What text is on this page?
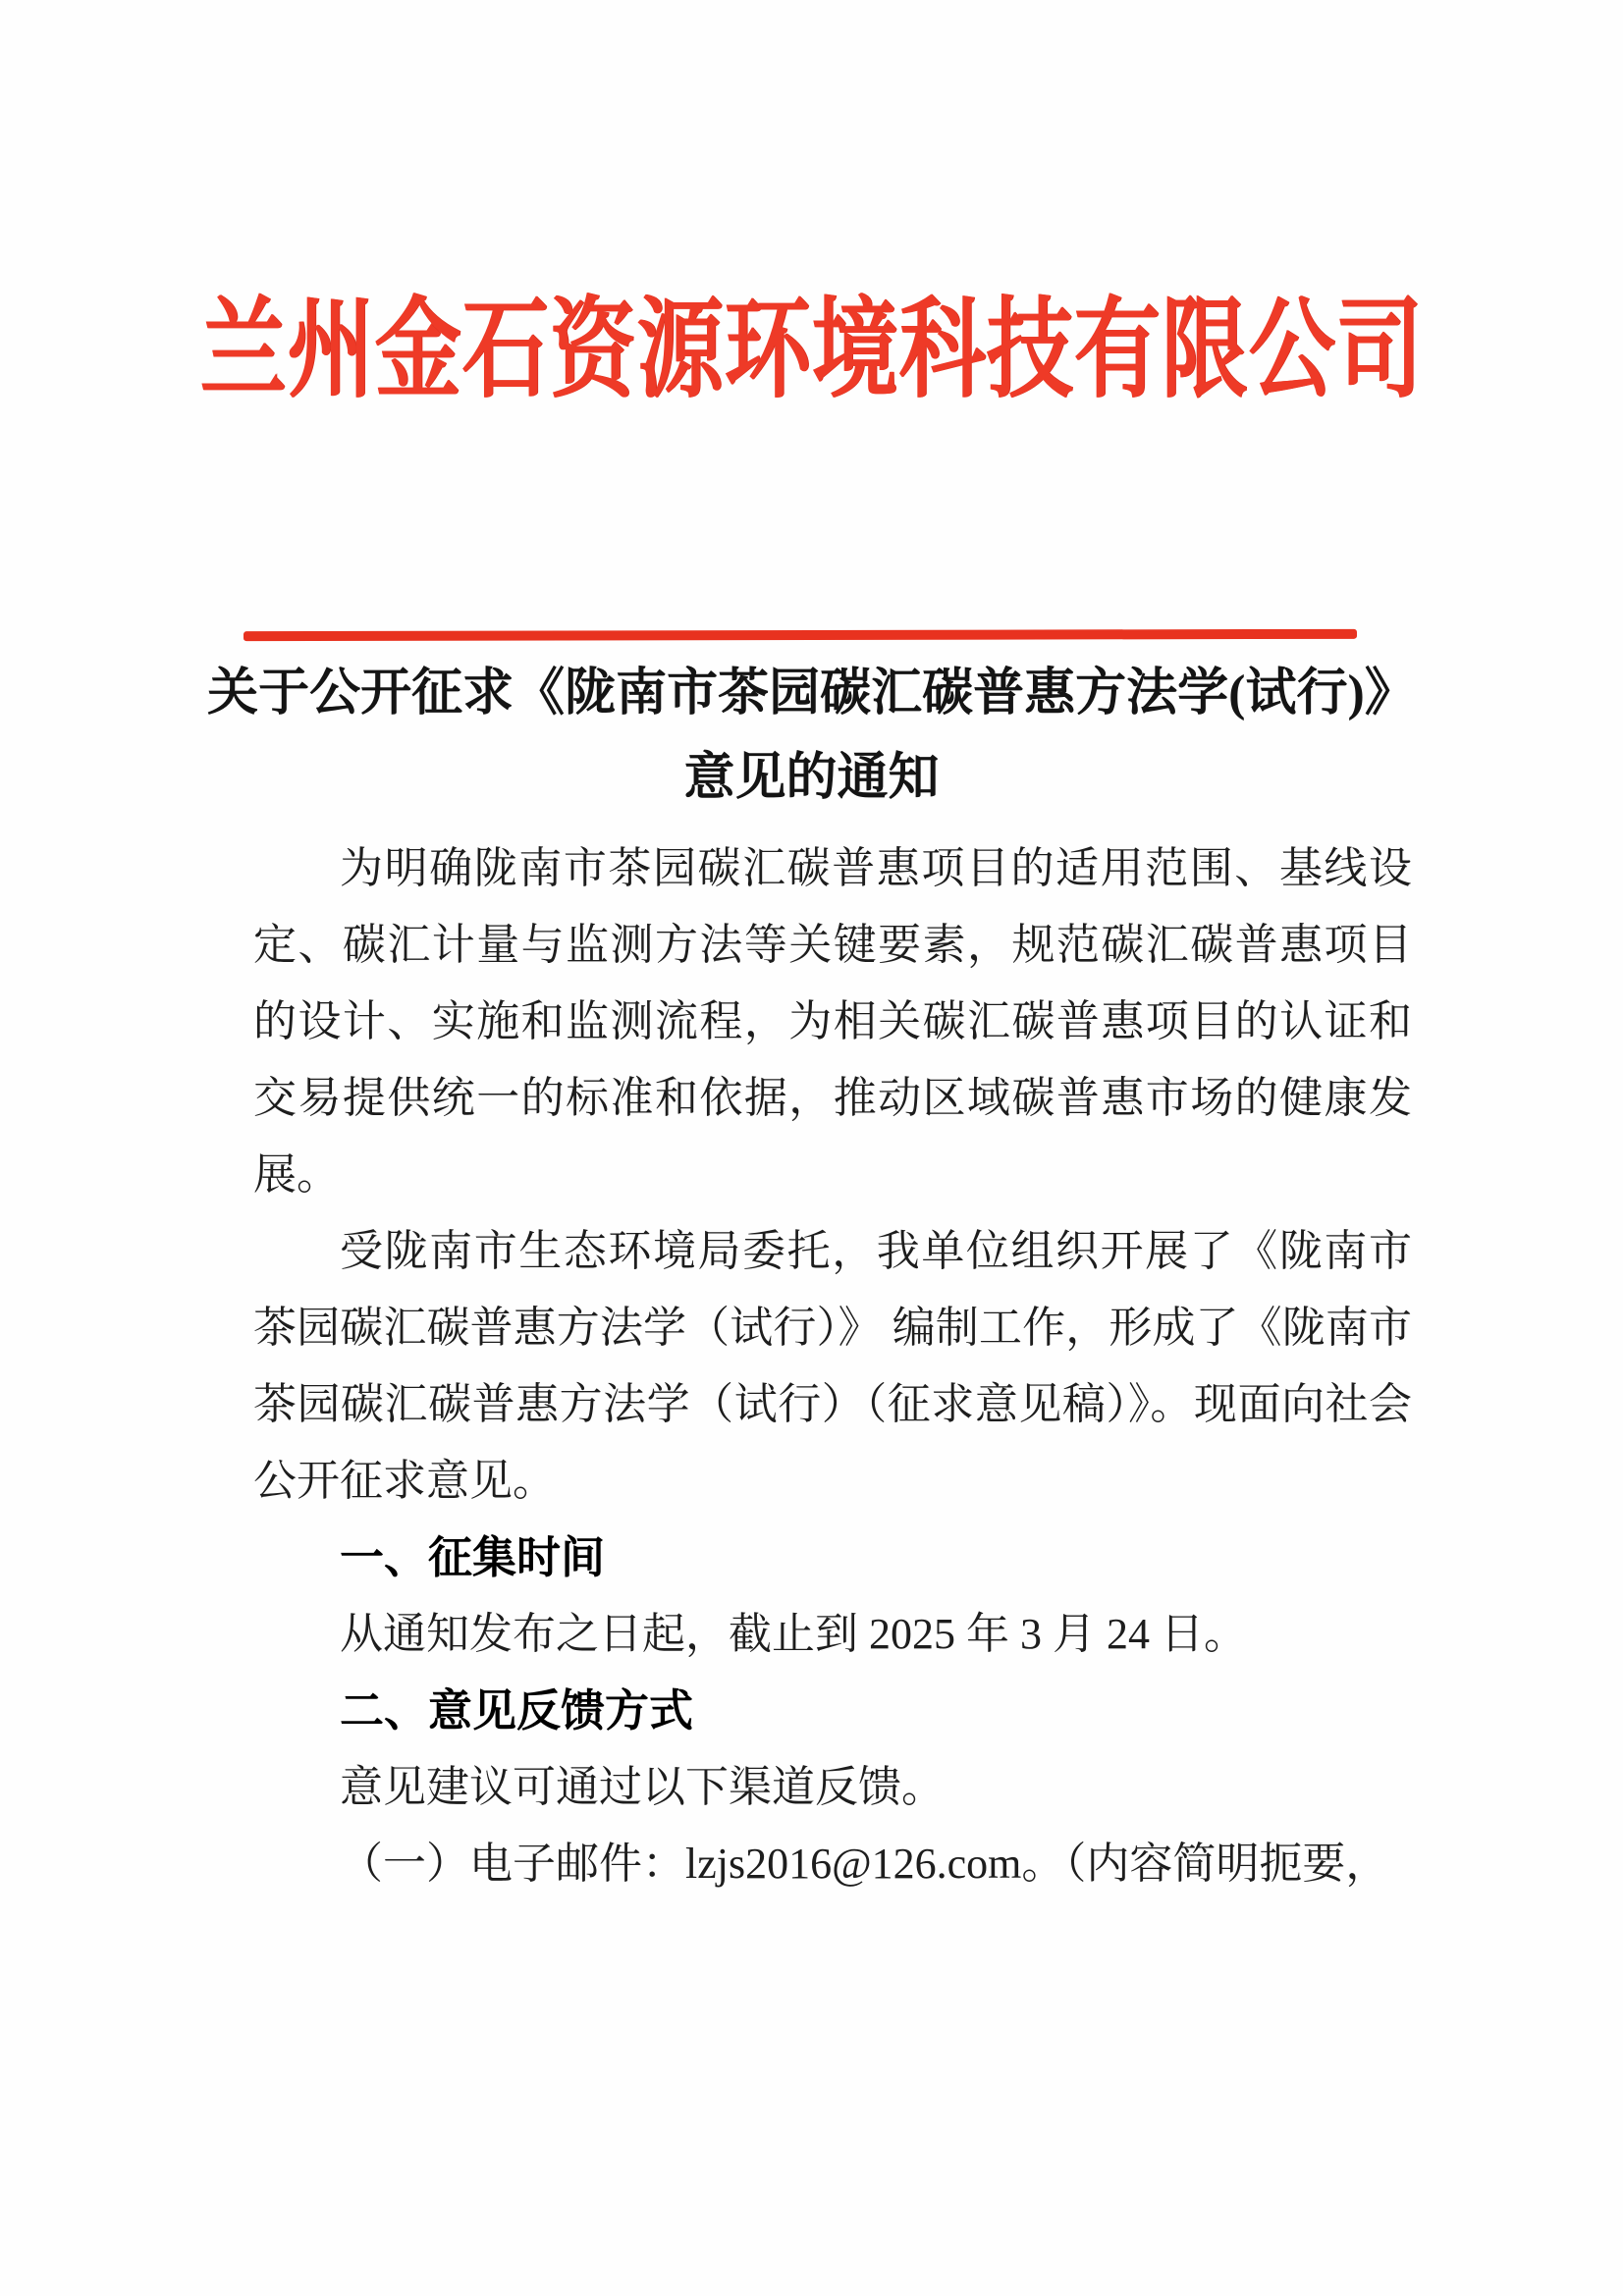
兰州金石资源环境科技有限公司
关于公开征求《陇南市茶园碳汇碳普惠方法学(试行)》
意见的通知

为明确陇南市茶园碳汇碳普惠项目的适用范围、基线设定、碳汇计量与监测方法等关键要素，规范碳汇碳普惠项目的设计、实施和监测流程，为相关碳汇碳普惠项目的认证和交易提供统一的标准和依据，推动区域碳普惠市场的健康发展。

受陇南市生态环境局委托，我单位组织开展了《陇南市茶园碳汇碳普惠方法学（试行）》 编制工作，形成了《陇南市茶园碳汇碳普惠方法学（试行）（征求意见稿）》。现面向社会公开征求意见。

一、征集时间

从通知发布之日起，截止到 2025 年 3 月 24 日。

二、意见反馈方式

意见建议可通过以下渠道反馈。

（一）电子邮件：lzjs2016@126.com。（内容简明扼要，
